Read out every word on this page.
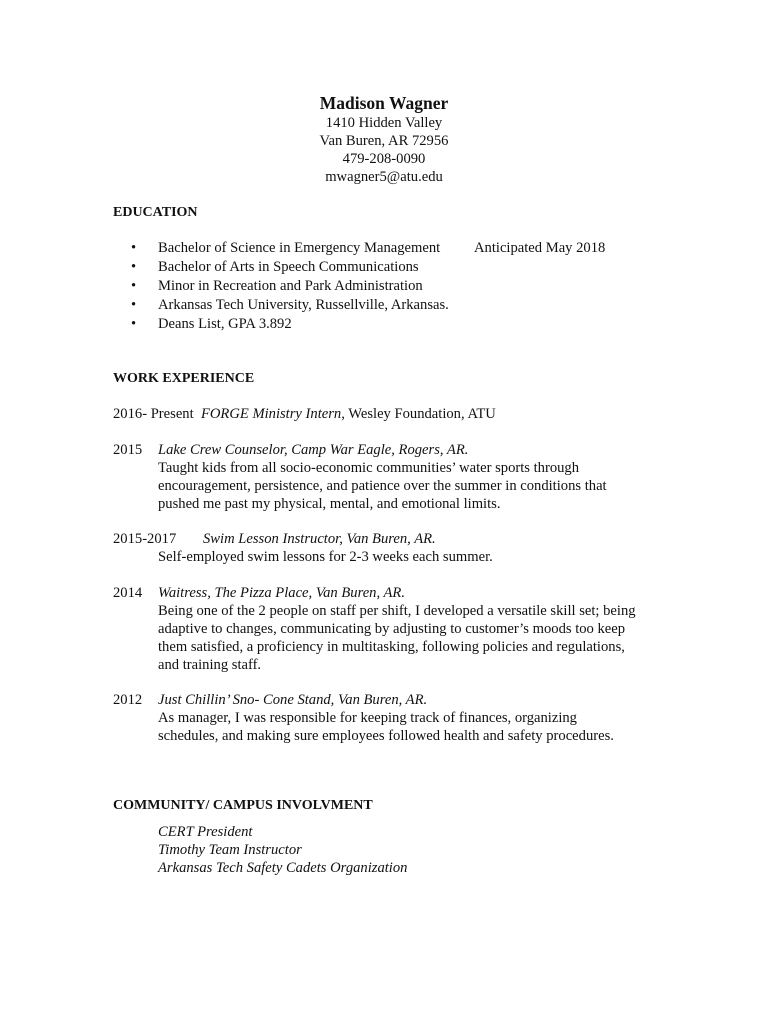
Madison Wagner
1410 Hidden Valley
Van Buren, AR 72956
479-208-0090
mwagner5@atu.edu
EDUCATION
•	Bachelor of Science in Emergency Management Anticipated May 2018
•	Bachelor of Arts in Speech Communications
•	Minor in Recreation and Park Administration
•	Arkansas Tech University, Russellville, Arkansas.
•	Deans List, GPA 3.892
WORK EXPERIENCE
2016- Present FORGE Ministry Intern, Wesley Foundation, ATU
2015 Lake Crew Counselor, Camp War Eagle, Rogers, AR.
Taught kids from all socio-economic communities’ water sports through
encouragement, persistence, and patience over the summer in conditions that
pushed me past my physical, mental, and emotional limits.
2015-2017 Swim Lesson Instructor, Van Buren, AR.
Self-employed swim lessons for 2-3 weeks each summer.
2014 Waitress, The Pizza Place, Van Buren, AR.
Being one of the 2 people on staff per shift, I developed a versatile skill set; being
adaptive to changes, communicating by adjusting to customer’s moods too keep
them satisfied, a proficiency in multitasking, following policies and regulations,
and training staff.
2012 Just Chillin’ Sno- Cone Stand, Van Buren, AR.
As manager, I was responsible for keeping track of finances, organizing
schedules, and making sure employees followed health and safety procedures.
COMMUNITY/ CAMPUS INVOLVMENT
CERT President
Timothy Team Instructor
Arkansas Tech Safety Cadets Organization
